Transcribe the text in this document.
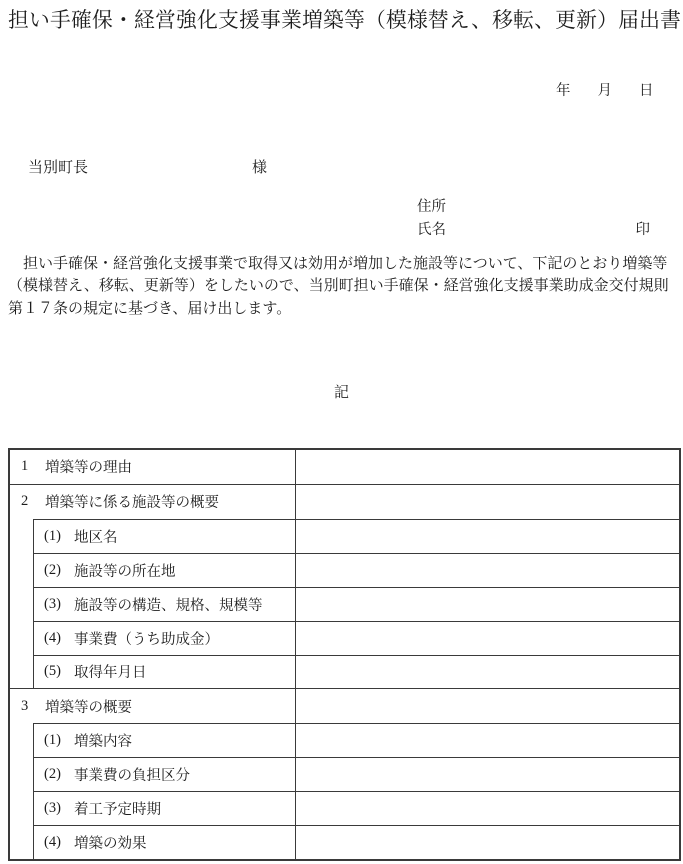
担い手確保・経営強化支援事業増築等（模様替え、移転、更新）届出書
年 月 日
当別町長	様
住所
氏名	印
　担い手確保・経営強化支援事業で取得又は効用が増加した施設等について、下記のとおり増築等
（模様替え、移転、更新等）をしたいので、当別町担い手確保・経営強化支援事業助成金交付規則
第１７条の規定に基づき、届け出します。
記
1	増築等の理由
2	増築等に係る施設等の概要
(1) 地区名
(2) 施設等の所在地
(3) 施設等の構造、規格、規模等
(4) 事業費（うち助成金）
(5) 取得年月日
3	増築等の概要
(1) 増築内容
(2) 事業費の負担区分
(3) 着工予定時期
(4) 増築の効果
